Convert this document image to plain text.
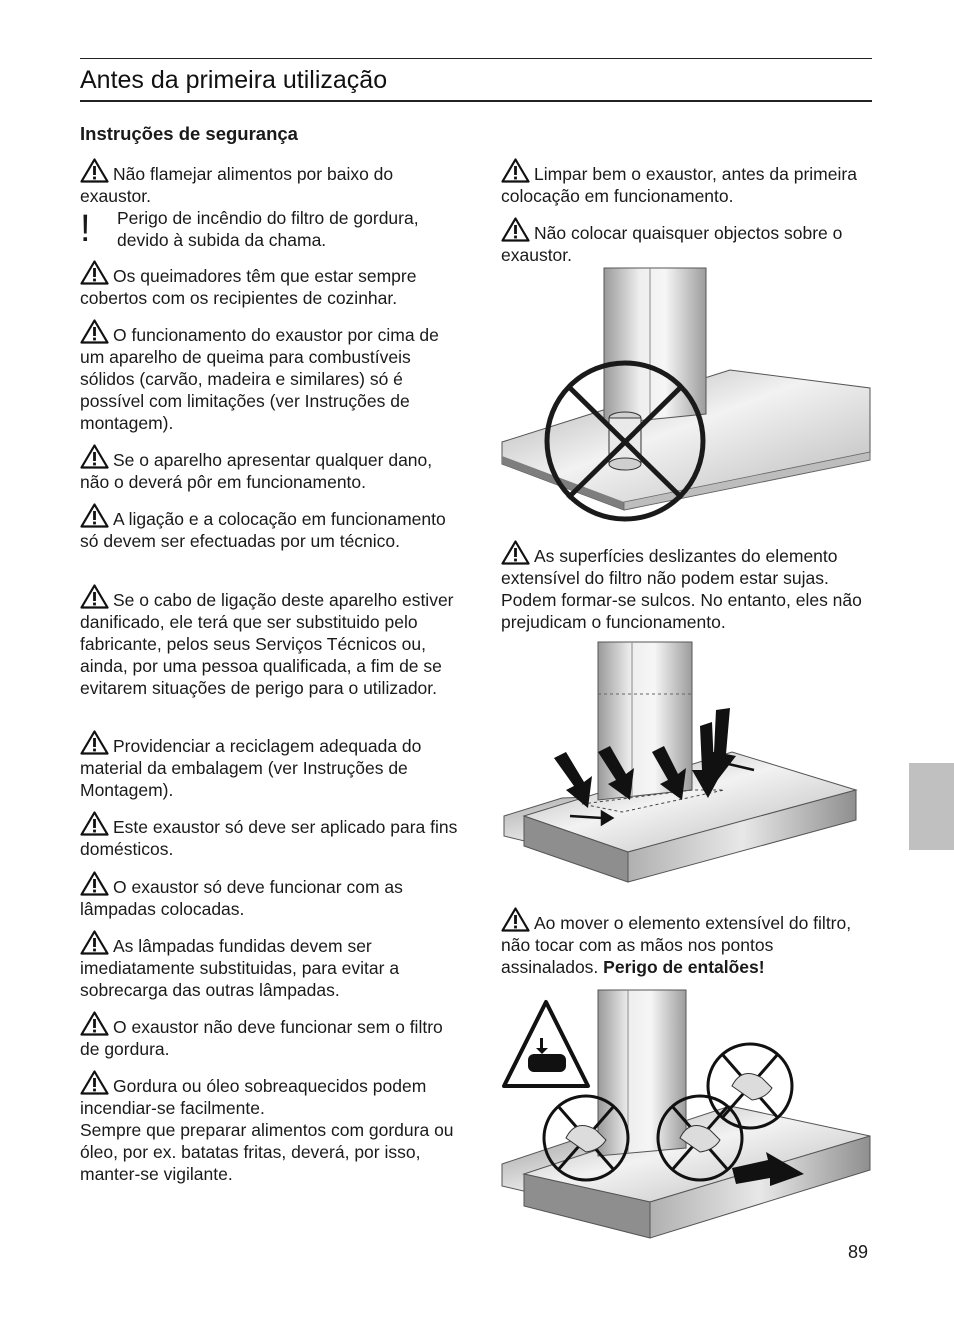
Antes da primeira utilização
Instruções de segurança
Não flamejar alimentos por baixo do exaustor.
! Perigo de incêndio do filtro de gordura, devido à subida da chama.
Os queimadores têm que estar sempre cobertos com os recipientes de cozinhar.
O funcionamento do exaustor por cima de um aparelho de queima para combustíveis sólidos (carvão, madeira e similares) só é possível com limitações (ver Instruções de montagem).
Se o aparelho apresentar qualquer dano, não o deverá pôr em funcionamento.
A ligação e a colocação em funcionamento só devem ser efectuadas por um técnico.
Se o cabo de ligação deste aparelho estiver danificado, ele terá que ser substituido pelo fabricante, pelos seus Serviços Técnicos ou, ainda, por uma pessoa qualificada, a fim de se evitarem situações de perigo para o utilizador.
Providenciar a reciclagem adequada do material da embalagem (ver Instruções de Montagem).
Este exaustor só deve ser aplicado para fins domésticos.
O exaustor só deve funcionar com as lâmpadas colocadas.
As lâmpadas fundidas devem ser imediatamente substituidas, para evitar a sobrecarga das outras lâmpadas.
O exaustor não deve funcionar sem o filtro de gordura.
Gordura ou óleo sobreaquecidos podem incendiar-se facilmente.
Sempre que preparar alimentos com gordura ou óleo, por ex. batatas fritas, deverá, por isso, manter-se vigilante.
Limpar bem o exaustor, antes da primeira colocação em funcionamento.
Não colocar quaisquer objectos sobre o exaustor.
As superfícies deslizantes do elemento extensível do filtro não podem estar sujas. Podem formar-se sulcos. No entanto, eles não prejudicam o funcionamento.
Ao mover o elemento extensível do filtro, não tocar com as mãos nos pontos assinalados. Perigo de entalões!
89
